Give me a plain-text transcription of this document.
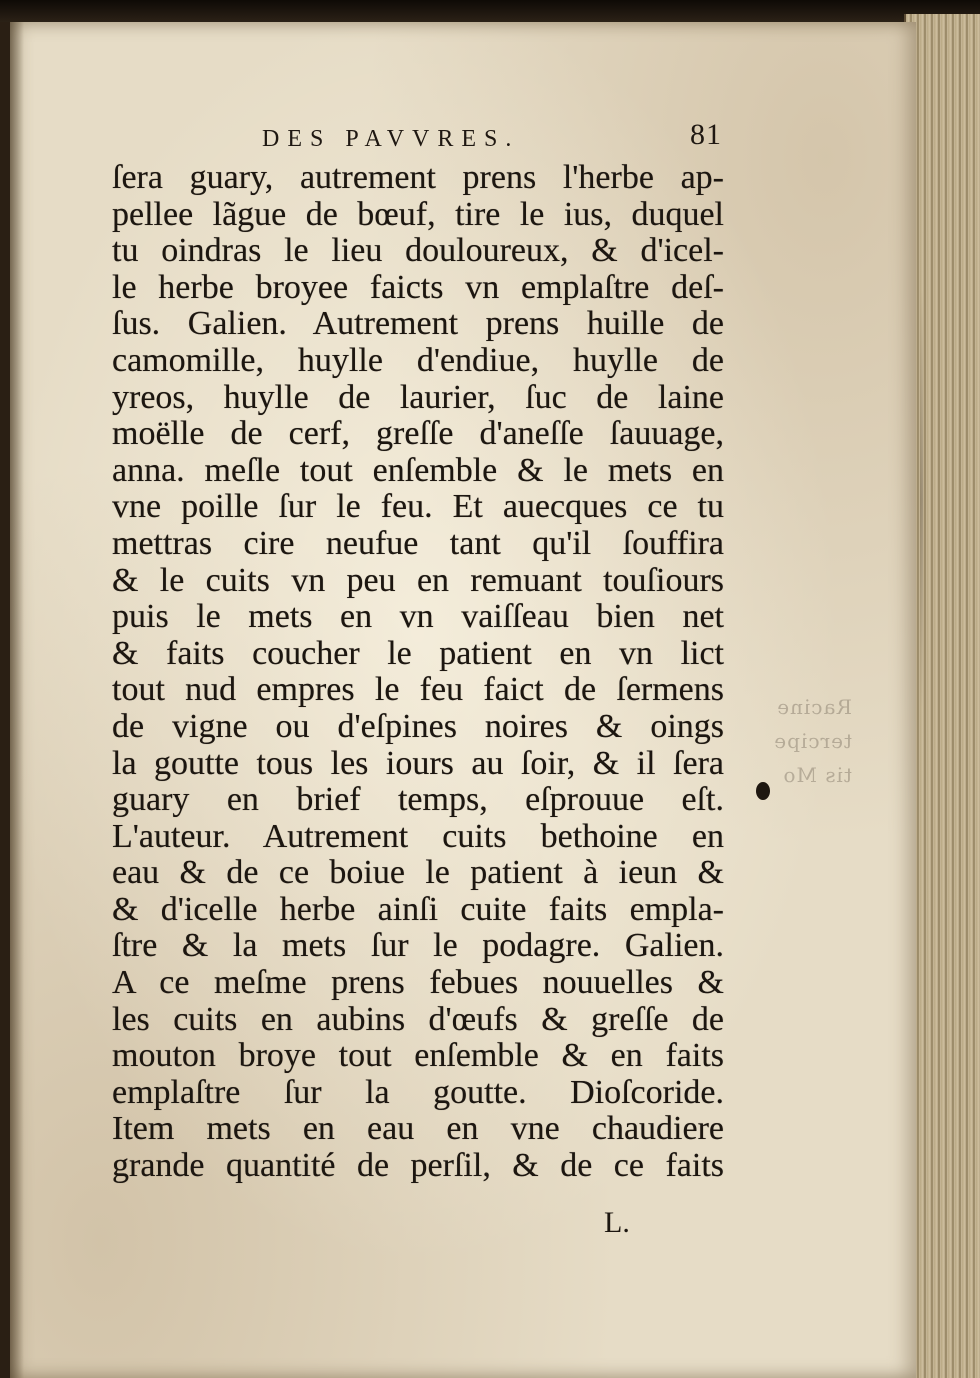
Racine
tercipe
tis Mo
DES PAVVRES.	81
ſera guary, autrement prens l'herbe ap-
pellee lãgue de bœuf, tire le ius, duquel
tu oindras le lieu douloureux, & d'icel-
le herbe broyee faicts vn emplaſtre deſ-
ſus. Galien. Autrement prens huille de
camomille, huylle d'endiue, huylle de
yreos, huylle de laurier, ſuc de laine
moëlle de cerf, greſſe d'aneſſe ſauuage,
anna. meſle tout enſemble & le mets en
vne poille ſur le feu. Et auecques ce tu
mettras cire neufue tant qu'il ſouffira
& le cuits vn peu en remuant touſiours
puis le mets en vn vaiſſeau bien net
& faits coucher le patient en vn lict
tout nud empres le feu faict de ſermens
de vigne ou d'eſpines noires & oings
la goutte tous les iours au ſoir, & il ſera
guary en brief temps, eſprouue eſt.
L'auteur. Autrement cuits bethoine en
eau & de ce boiue le patient à ieun &
& d'icelle herbe ainſi cuite faits empla-
ſtre & la mets ſur le podagre. Galien.
A ce meſme prens febues nouuelles &
les cuits en aubins d'œufs & greſſe de
mouton broye tout enſemble & en faits
emplaſtre ſur la goutte. Dioſcoride.
Item mets en eau en vne chaudiere
grande quantité de perſil, & de ce faits
L.
